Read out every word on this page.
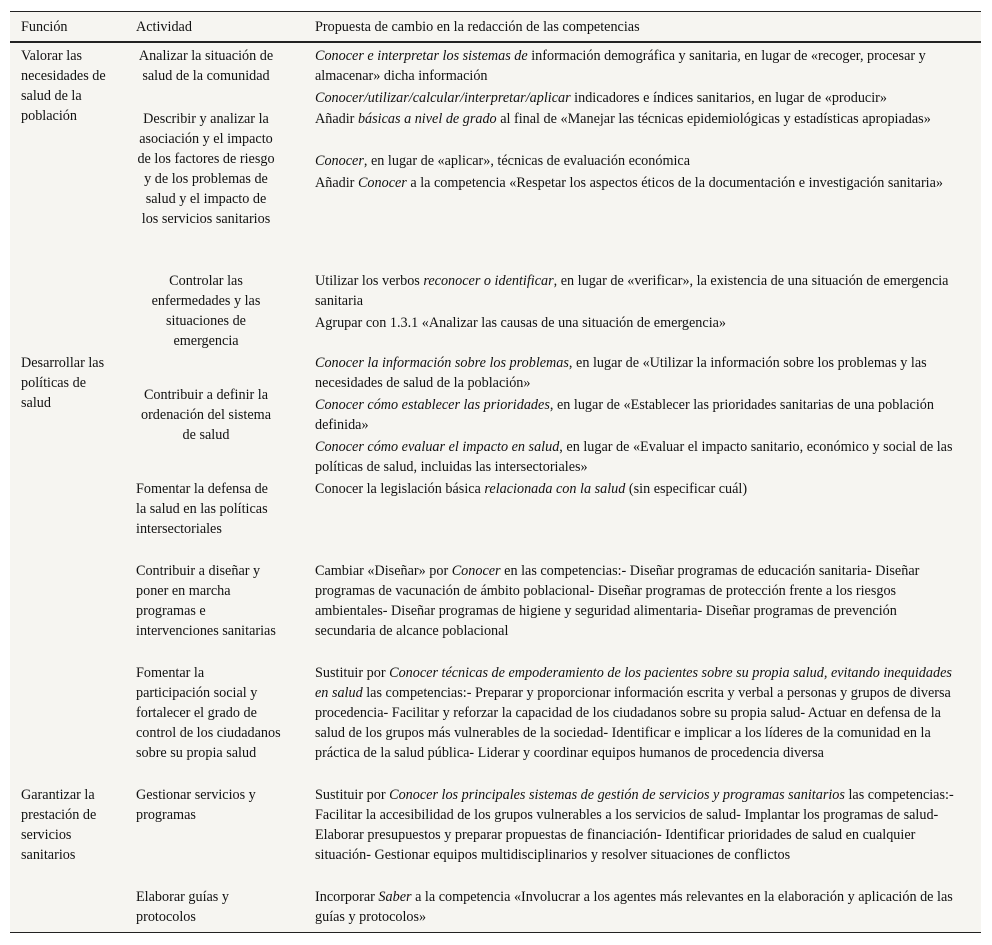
Función	Actividad	Propuesta de cambio en la redacción de las competencias
Valorar las necesidades de salud de la población
Desarrollar las políticas de salud
Garantizar la prestación de servicios sanitarios
Analizar la situación de salud de la comunidad
Describir y analizar la asociación y el impacto de los factores de riesgo y de los problemas de salud y el impacto de los servicios sanitarios
Controlar las enfermedades y las situaciones de emergencia
Contribuir a definir la ordenación del sistema de salud
Fomentar la defensa de la salud en las políticas intersectoriales
Contribuir a diseñar y poner en marcha programas e intervenciones sanitarias
Fomentar la participación social y fortalecer el grado de control de los ciudadanos sobre su propia salud
Gestionar servicios y programas
Elaborar guías y protocolos
Conocer e interpretar los sistemas de información demográfica y sanitaria, en lugar de «recoger, procesar y almacenar» dicha información
Conocer/utilizar/calcular/interpretar/aplicar indicadores e índices sanitarios, en lugar de «producir»
Añadir básicas a nivel de grado al final de «Manejar las técnicas epidemiológicas y estadísticas apropiadas»
Conocer, en lugar de «aplicar», técnicas de evaluación económica
Añadir Conocer a la competencia «Respetar los aspectos éticos de la documentación e investigación sanitaria»
Utilizar los verbos reconocer o identificar, en lugar de «verificar», la existencia de una situación de emergencia sanitaria
Agrupar con 1.3.1 «Analizar las causas de una situación de emergencia»
Conocer la información sobre los problemas, en lugar de «Utilizar la información sobre los problemas y las necesidades de salud de la población»
Conocer cómo establecer las prioridades, en lugar de «Establecer las prioridades sanitarias de una población definida»
Conocer cómo evaluar el impacto en salud, en lugar de «Evaluar el impacto sanitario, económico y social de las políticas de salud, incluidas las intersectoriales»
Conocer la legislación básica relacionada con la salud (sin especificar cuál)
Cambiar «Diseñar» por Conocer en las competencias:- Diseñar programas de educación sanitaria- Diseñar programas de vacunación de ámbito poblacional- Diseñar programas de protección frente a los riesgos ambientales- Diseñar programas de higiene y seguridad alimentaria- Diseñar programas de prevención secundaria de alcance poblacional
Sustituir por Conocer técnicas de empoderamiento de los pacientes sobre su propia salud, evitando inequidades en salud las competencias:- Preparar y proporcionar información escrita y verbal a personas y grupos de diversa procedencia- Facilitar y reforzar la capacidad de los ciudadanos sobre su propia salud- Actuar en defensa de la salud de los grupos más vulnerables de la sociedad- Identificar e implicar a los líderes de la comunidad en la práctica de la salud pública- Liderar y coordinar equipos humanos de procedencia diversa
Sustituir por Conocer los principales sistemas de gestión de servicios y programas sanitarios las competencias:- Facilitar la accesibilidad de los grupos vulnerables a los servicios de salud- Implantar los programas de salud- Elaborar presupuestos y preparar propuestas de financiación- Identificar prioridades de salud en cualquier situación- Gestionar equipos multidisciplinarios y resolver situaciones de conflictos
Incorporar Saber a la competencia «Involucrar a los agentes más relevantes en la elaboración y aplicación de las guías y protocolos»
